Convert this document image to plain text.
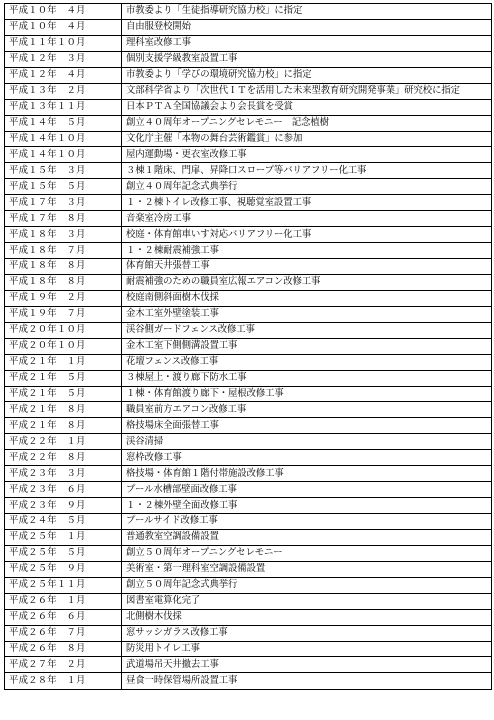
平成１０年　４月	市教委より「生徒指導研究協力校」に指定
平成１０年　４月	自由服登校開始
平成１１年１０月	理科室改修工事
平成１２年　３月	個別支援学級教室設置工事
平成１２年　４月	市教委より「学びの環境研究協力校」に指定
平成１３年　２月	文部科学省より「次世代ＩＴを活用した未来型教育研究開発事業」研究校に指定
平成１３年１１月	日本ＰＴＡ全国協議会より会長賞を受賞
平成１４年　５月	創立４０周年オープニングセレモニー　記念植樹
平成１４年１０月	文化庁主催「本物の舞台芸術鑑賞」に参加
平成１４年１０月	屋内運動場・更衣室改修工事
平成１５年　３月	３棟１階床、門扉、昇降口スロープ等バリアフリー化工事
平成１５年　５月	創立４０周年記念式典挙行
平成１７年　３月	１・２棟トイレ改修工事、視聴覚室設置工事
平成１７年　８月	音楽室冷房工事
平成１８年　３月	校庭・体育館車いす対応バリアフリー化工事
平成１８年　７月	１・２棟耐震補強工事
平成１８年　８月	体育館天井張替工事
平成１８年　８月	耐震補強のための職員室広報エアコン改修工事
平成１９年　２月	校庭南側斜面樹木伐採
平成１９年　７月	金木工室外壁塗装工事
平成２０年１０月	渓谷側ガードフェンス改修工事
平成２０年１０月	金木工室下側側溝設置工事
平成２１年　１月	花壇フェンス改修工事
平成２１年　５月	３棟屋上・渡り廊下防水工事
平成２１年　５月	１棟・体育館渡り廊下・屋根改修工事
平成２１年　８月	職員室前方エアコン改修工事
平成２１年　８月	格技場床全面張替工事
平成２２年　１月	渓谷清掃
平成２２年　８月	窓枠改修工事
平成２３年　３月	格技場・体育館１階付帯施設改修工事
平成２３年　６月	プール水槽部壁面改修工事
平成２３年　９月	１・２棟外壁全面改修工事
平成２４年　５月	プールサイド改修工事
平成２５年　１月	普通教室空調設備設置
平成２５年　５月	創立５０周年オープニングセレモニー
平成２５年　９月	美術室・第一理科室空調設備設置
平成２５年１１月	創立５０周年記念式典挙行
平成２６年　１月	図書室電算化完了
平成２６年　６月	北側樹木伐採
平成２６年　７月	窓サッシガラス改修工事
平成２６年　８月	防災用トイレ工事
平成２７年　２月	武道場吊天井撤去工事
平成２８年　１月	昼食一時保管場所設置工事
